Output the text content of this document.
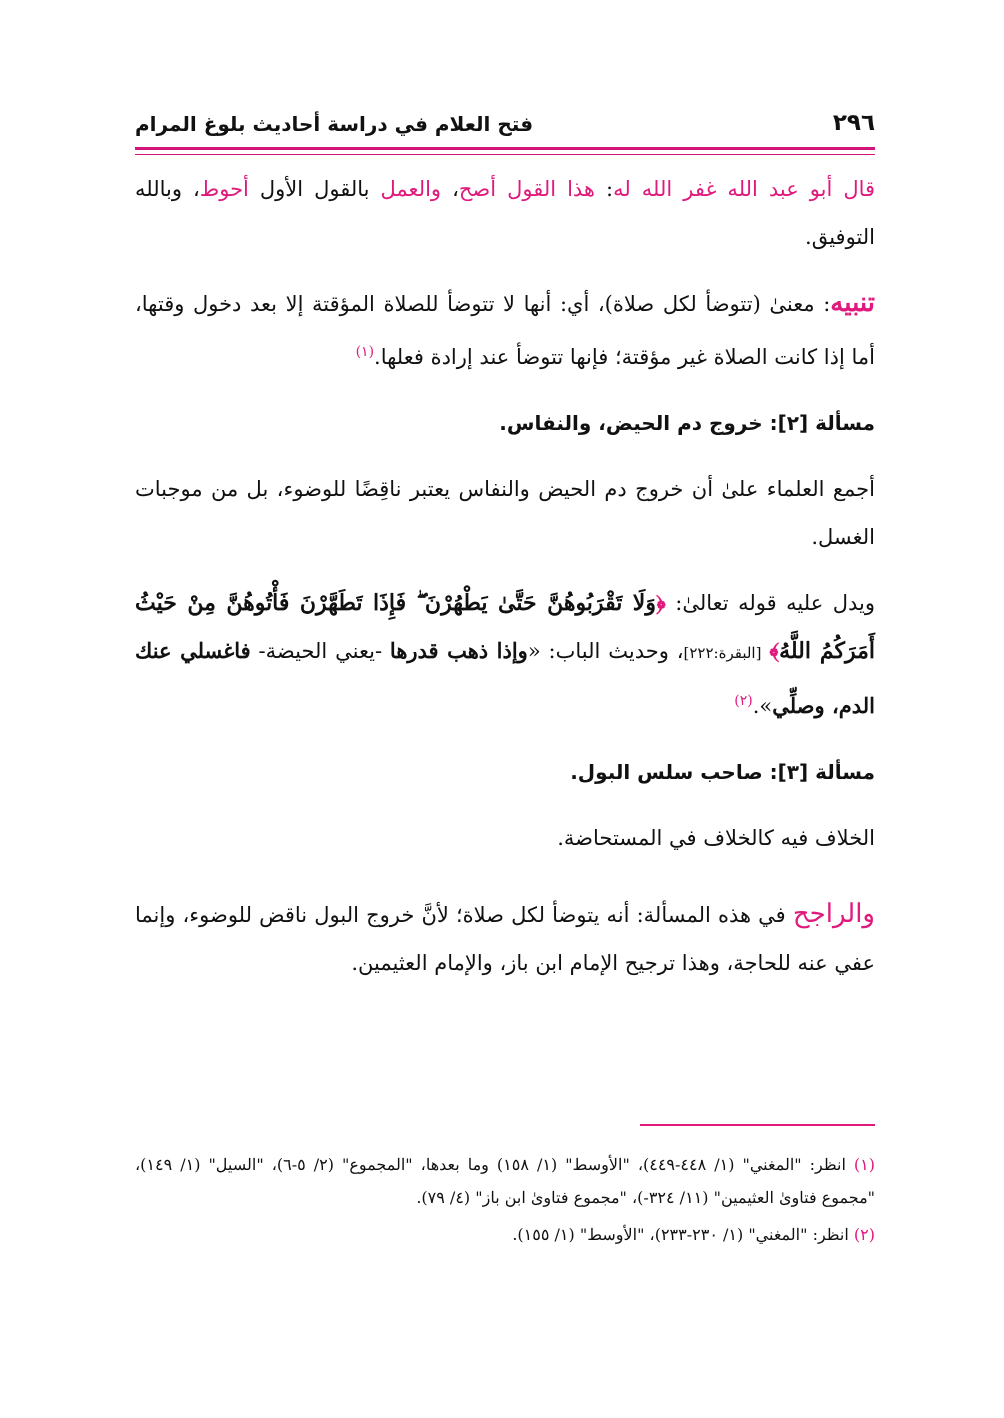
٢٩٦
فتح العلام في دراسة أحاديث بلوغ المرام

قال أبو عبد الله غفر الله له: هذا القول أصح، والعمل بالقول الأول أحوط، وبالله التوفيق.

تنبيه: معنىٰ (تتوضأ لكل صلاة)، أي: أنها لا تتوضأ للصلاة المؤقتة إلا بعد دخول وقتها، أما إذا كانت الصلاة غير مؤقتة؛ فإنها تتوضأ عند إرادة فعلها.$^{(١)}$

مسألة [٢]: خروج دم الحيض، والنفاس.

أجمع العلماء علىٰ أن خروج دم الحيض والنفاس يعتبر ناقِضًا للوضوء، بل من موجبات الغسل.

ويدل عليه قوله تعالىٰ: ﴿وَلَا تَقْرَبُوهُنَّ حَتَّىٰ يَطْهُرْنَ ۖ فَإِذَا تَطَهَّرْنَ فَأْتُوهُنَّ مِنْ حَيْثُ أَمَرَكُمُ اللَّهُ﴾ [البقرة:٢٢٢]، وحديث الباب: «وإذا ذهب قدرها -يعني الحيضة- فاغسلي عنك الدم، وصلِّي».$^{(٢)}$

مسألة [٣]: صاحب سلس البول.

الخلاف فيه كالخلاف في المستحاضة.

والراجح في هذه المسألة: أنه يتوضأ لكل صلاة؛ لأنَّ خروج البول ناقض للوضوء، وإنما عفي عنه للحاجة، وهذا ترجيح الإمام ابن باز، والإمام العثيمين.

(١) انظر: "المغني" (١/ ٤٤٨-٤٤٩)، "الأوسط" (١/ ١٥٨) وما بعدها، "المجموع" (٢/ ٥-٦)، "السيل" (١/ ١٤٩)، "مجموع فتاوىٰ العثيمين" (١١/ ٣٢٤-)، "مجموع فتاوىٰ ابن باز" (٤/ ٧٩).
(٢) انظر: "المغني" (١/ ٢٣٠-٢٣٣)، "الأوسط" (١/ ١٥٥).
